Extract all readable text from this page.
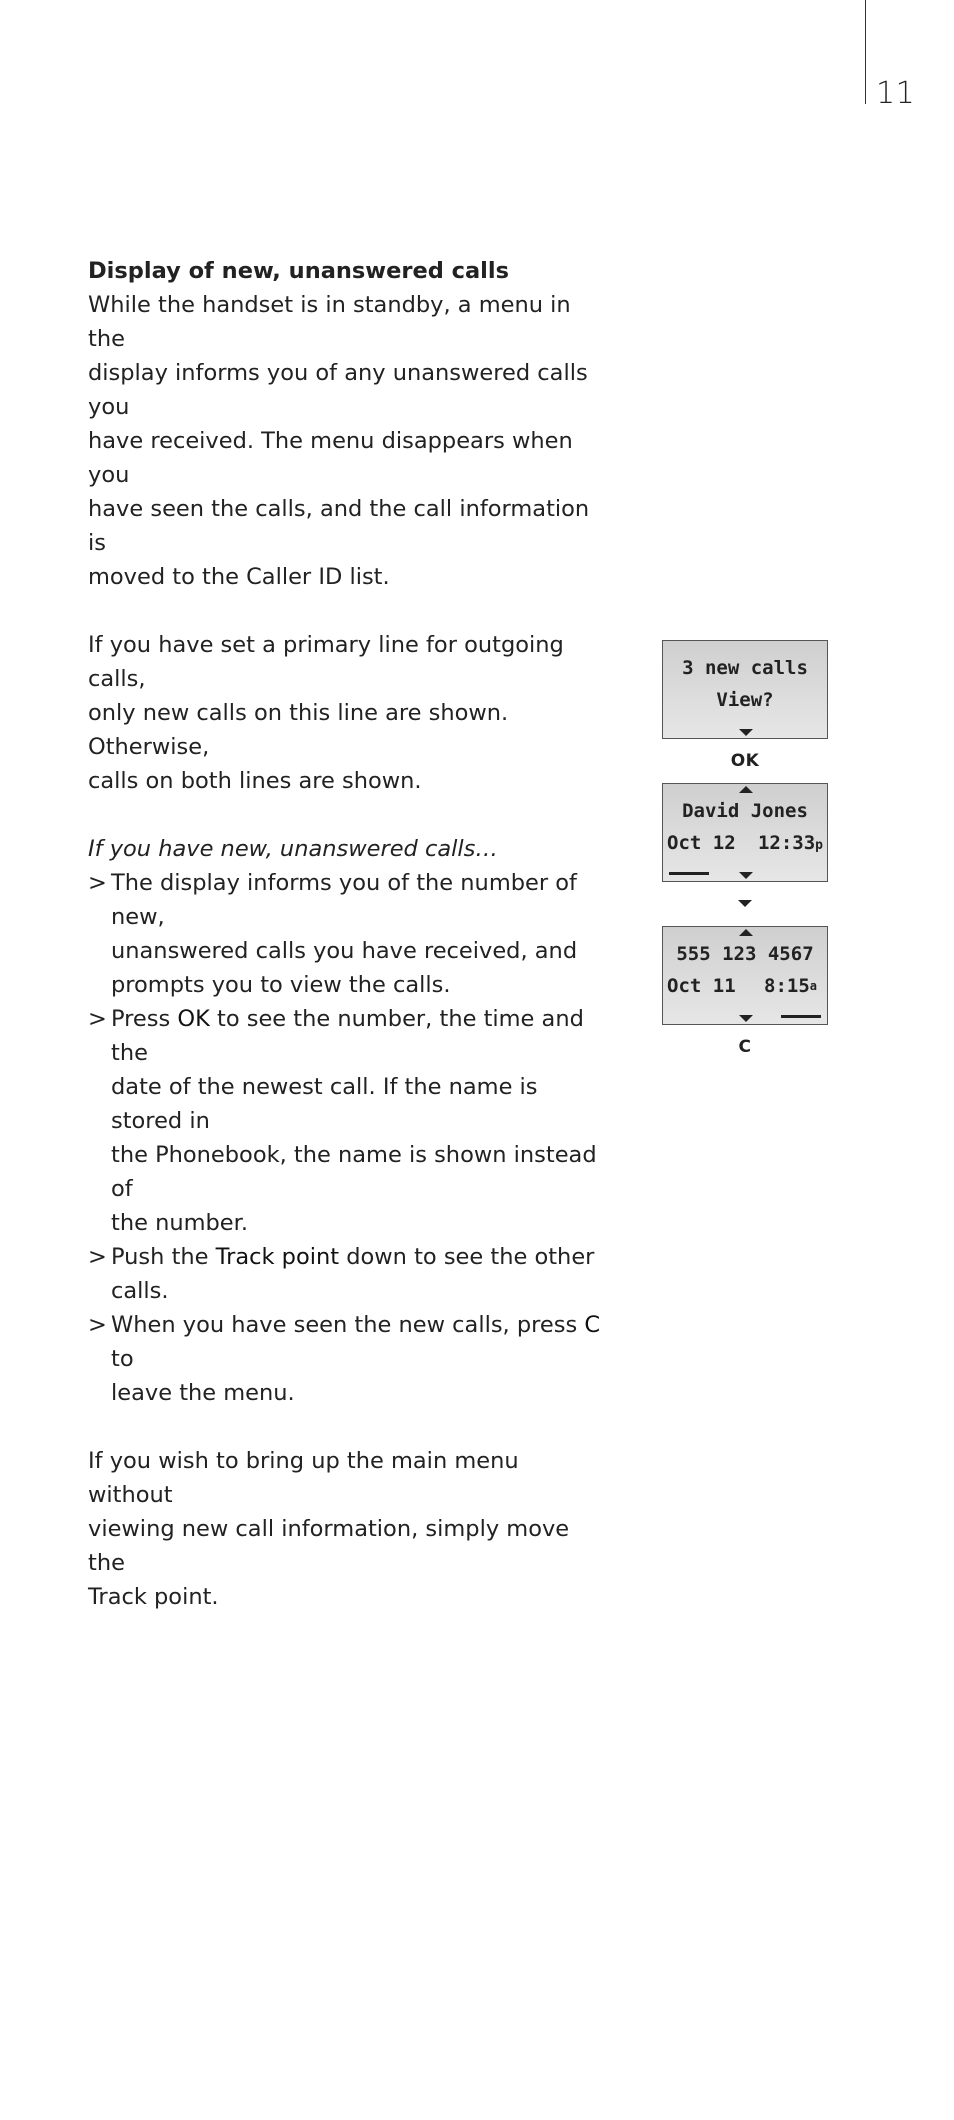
11

Display of new, unanswered calls

While the handset is in standby, a menu in the

display informs you of any unanswered calls you

have received. The menu disappears when you

have seen the calls, and the call information is

moved to the Caller ID list.

If you have set a primary line for outgoing calls,

only new calls on this line are shown. Otherwise,

calls on both lines are shown.

If you have new, unanswered calls…

> The display informs you of the number of new,
unanswered calls you have received, and
prompts you to view the calls.
> Press OK to see the number, the time and the
date of the newest call. If the name is stored in
the Phonebook, the name is shown instead of
the number.
> Push the Track point down to see the other
calls.
> When you have seen the new calls, press C to
leave the menu.

If you wish to bring up the main menu without

viewing new call information, simply move the

Track point.

3 new calls
View?
OK
David Jones
Oct 12 12:33p
555 123 4567
Oct 11 8:15$^a$
C
